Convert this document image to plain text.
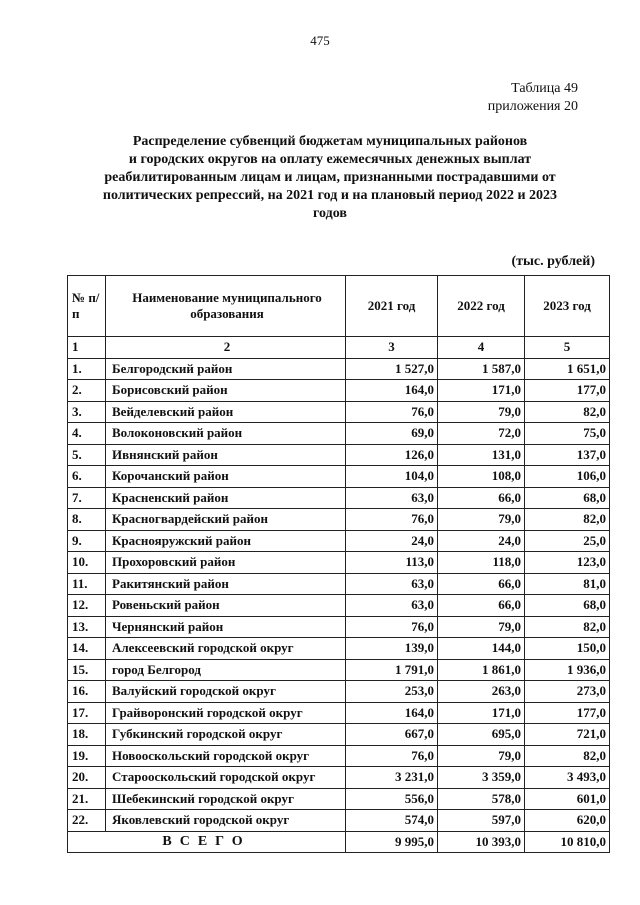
475
Таблица 49
приложения 20
Распределение субвенций бюджетам муниципальных районов
и городских округов на оплату ежемесячных денежных выплат
реабилитированным лицам и лицам, признанными пострадавшими от
политических репрессий, на 2021 год и на плановый период 2022 и 2023
годов
(тыс. рублей)
№ п/п	Наименование муниципального образования	2021 год	2022 год	2023 год
1	2	3	4	5
1.	Белгородский район	1 527,0	1 587,0	1 651,0
2.	Борисовский район	164,0	171,0	177,0
3.	Вейделевский район	76,0	79,0	82,0
4.	Волоконовский район	69,0	72,0	75,0
5.	Ивнянский район	126,0	131,0	137,0
6.	Корочанский район	104,0	108,0	106,0
7.	Красненский район	63,0	66,0	68,0
8.	Красногвардейский район	76,0	79,0	82,0
9.	Краснояружский район	24,0	24,0	25,0
10.	Прохоровский район	113,0	118,0	123,0
11.	Ракитянский район	63,0	66,0	81,0
12.	Ровеньский район	63,0	66,0	68,0
13.	Чернянский район	76,0	79,0	82,0
14.	Алексеевский городской округ	139,0	144,0	150,0
15.	город Белгород	1 791,0	1 861,0	1 936,0
16.	Валуйский городской округ	253,0	263,0	273,0
17.	Грайворонский городской округ	164,0	171,0	177,0
18.	Губкинский городской округ	667,0	695,0	721,0
19.	Новооскольский городской округ	76,0	79,0	82,0
20.	Старооскольский городской округ	3 231,0	3 359,0	3 493,0
21.	Шебекинский городской округ	556,0	578,0	601,0
22.	Яковлевский городской округ	574,0	597,0	620,0
ВСЕГО		9 995,0	10 393,0	10 810,0
